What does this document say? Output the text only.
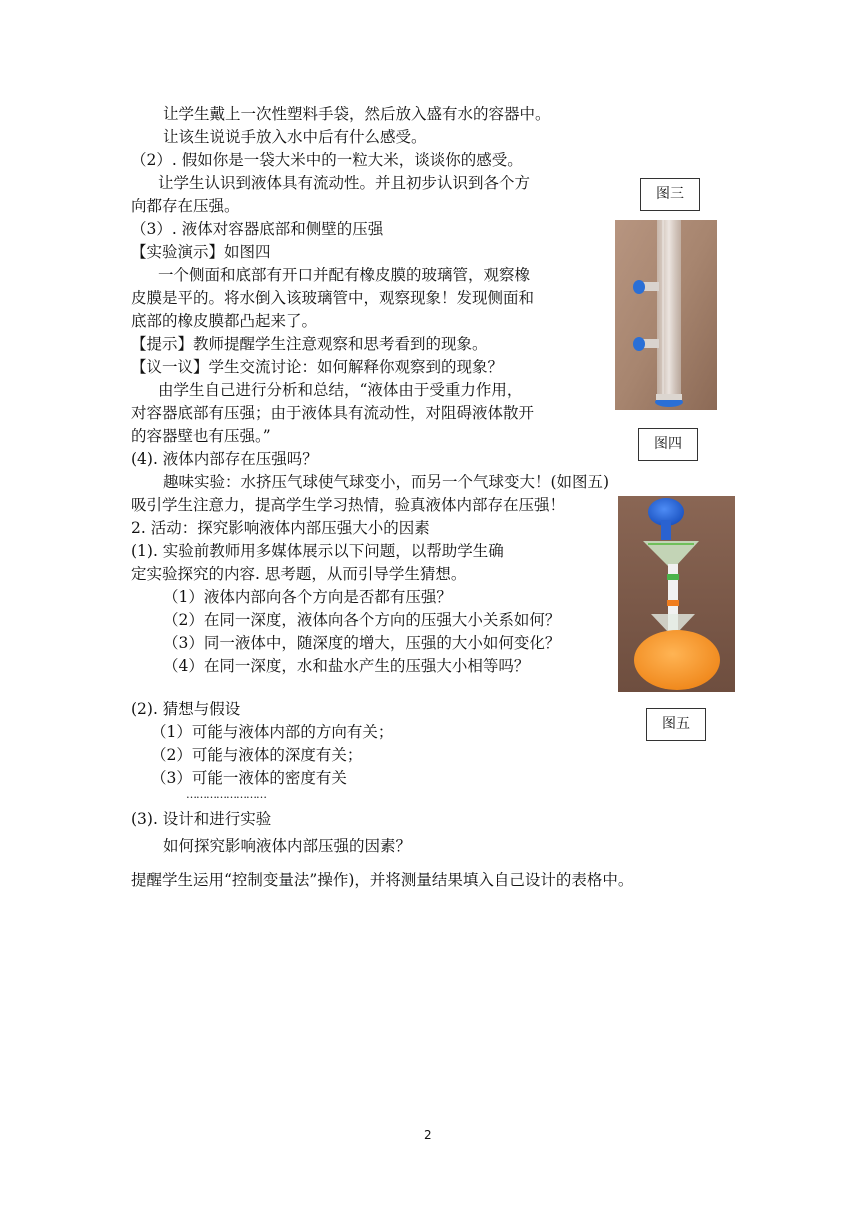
让学生戴上一次性塑料手袋，然后放入盛有水的容器中。
让该生说说手放入水中后有什么感受。
（2）. 假如你是一袋大米中的一粒大米，谈谈你的感受。
让学生认识到液体具有流动性。并且初步认识到各个方
向都存在压强。
（3）. 液体对容器底部和侧壁的压强
【实验演示】如图四
一个侧面和底部有开口并配有橡皮膜的玻璃管，观察橡
皮膜是平的。将水倒入该玻璃管中，观察现象！发现侧面和
底部的橡皮膜都凸起来了。
【提示】教师提醒学生注意观察和思考看到的现象。
【议一议】学生交流讨论：如何解释你观察到的现象？
由学生自己进行分析和总结，“液体由于受重力作用，
对容器底部有压强；由于液体具有流动性，对阻碍液体散开
的容器壁也有压强。”
(4). 液体内部存在压强吗？
趣味实验：水挤压气球使气球变小，而另一个气球变大！(如图五)
吸引学生注意力，提高学生学习热情，验真液体内部存在压强！
2. 活动：探究影响液体内部压强大小的因素
(1). 实验前教师用多媒体展示以下问题，以帮助学生确
定实验探究的内容. 思考题，从而引导学生猜想。
（1）液体内部向各个方向是否都有压强？
（2）在同一深度，液体向各个方向的压强大小关系如何？
（3）同一液体中，随深度的增大，压强的大小如何变化？
（4）在同一深度，水和盐水产生的压强大小相等吗？
(2). 猜想与假设
（1）可能与液体内部的方向有关；
（2）可能与液体的深度有关；
（3）可能一液体的密度有关
……………………
(3). 设计和进行实验
如何探究影响液体内部压强的因素？
提醒学生运用“控制变量法”操作)，并将测量结果填入自己设计的表格中。
图三
图四
图五
2
